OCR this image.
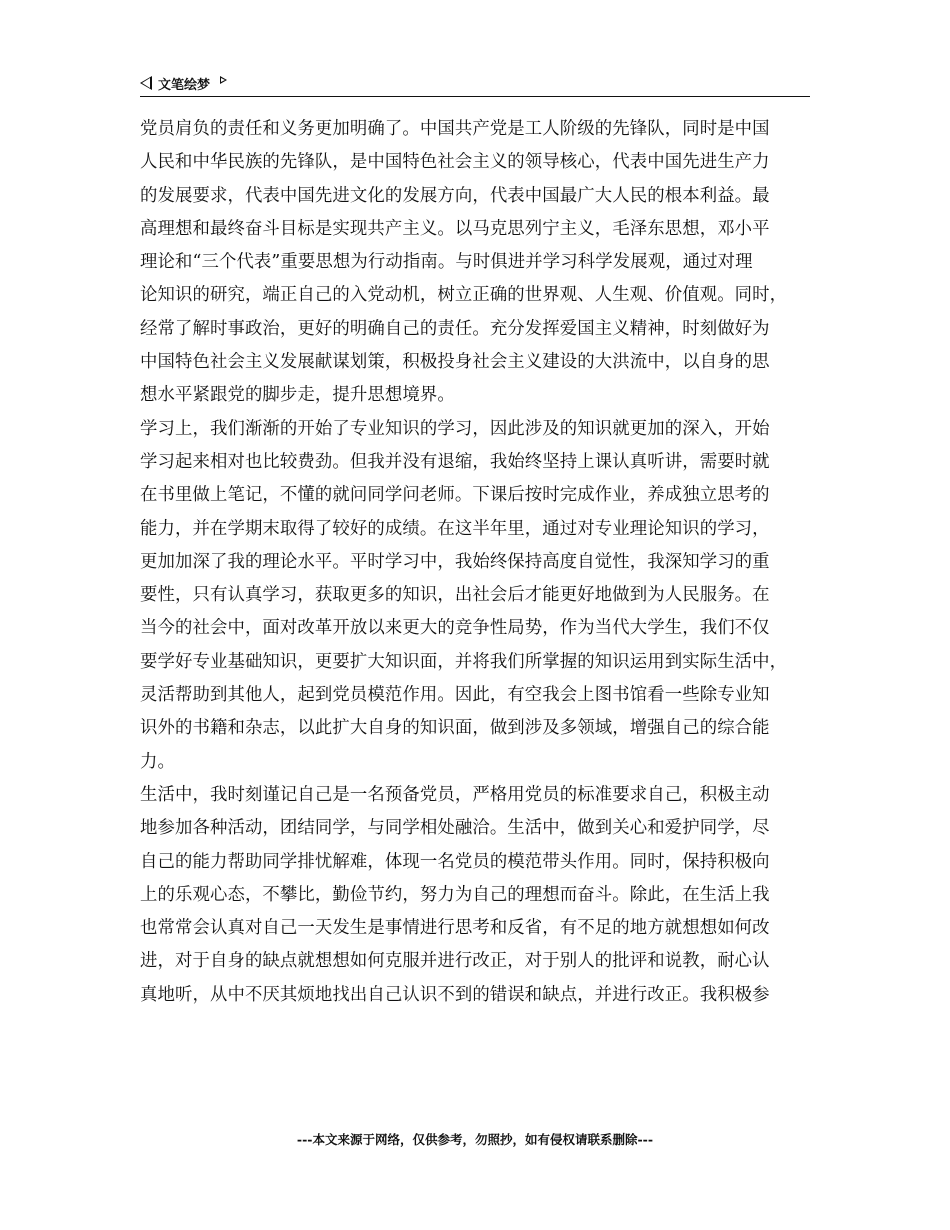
文笔绘梦
党员肩负的责任和义务更加明确了。中国共产党是工人阶级的先锋队，同时是中国
人民和中华民族的先锋队，是中国特色社会主义的领导核心，代表中国先进生产力
的发展要求，代表中国先进文化的发展方向，代表中国最广大人民的根本利益。最
高理想和最终奋斗目标是实现共产主义。以马克思列宁主义，毛泽东思想，邓小平
理论和“三个代表”重要思想为行动指南。与时俱进并学习科学发展观，通过对理
论知识的研究，端正自己的入党动机，树立正确的世界观、人生观、价值观。同时，
经常了解时事政治，更好的明确自己的责任。充分发挥爱国主义精神，时刻做好为
中国特色社会主义发展献谋划策，积极投身社会主义建设的大洪流中，以自身的思
想水平紧跟党的脚步走，提升思想境界。
学习上，我们渐渐的开始了专业知识的学习，因此涉及的知识就更加的深入，开始
学习起来相对也比较费劲。但我并没有退缩，我始终坚持上课认真听讲，需要时就
在书里做上笔记，不懂的就问同学问老师。下课后按时完成作业，养成独立思考的
能力，并在学期末取得了较好的成绩。在这半年里，通过对专业理论知识的学习，
更加加深了我的理论水平。平时学习中，我始终保持高度自觉性，我深知学习的重
要性，只有认真学习，获取更多的知识，出社会后才能更好地做到为人民服务。在
当今的社会中，面对改革开放以来更大的竞争性局势，作为当代大学生，我们不仅
要学好专业基础知识，更要扩大知识面，并将我们所掌握的知识运用到实际生活中，
灵活帮助到其他人，起到党员模范作用。因此，有空我会上图书馆看一些除专业知
识外的书籍和杂志，以此扩大自身的知识面，做到涉及多领域，增强自己的综合能
力。
生活中，我时刻谨记自己是一名预备党员，严格用党员的标准要求自己，积极主动
地参加各种活动，团结同学，与同学相处融洽。生活中，做到关心和爱护同学，尽
自己的能力帮助同学排忧解难，体现一名党员的模范带头作用。同时，保持积极向
上的乐观心态，不攀比，勤俭节约，努力为自己的理想而奋斗。除此，在生活上我
也常常会认真对自己一天发生是事情进行思考和反省，有不足的地方就想想如何改
进，对于自身的缺点就想想如何克服并进行改正，对于别人的批评和说教，耐心认
真地听，从中不厌其烦地找出自己认识不到的错误和缺点，并进行改正。我积极参
---本文来源于网络，仅供参考，勿照抄，如有侵权请联系删除---
